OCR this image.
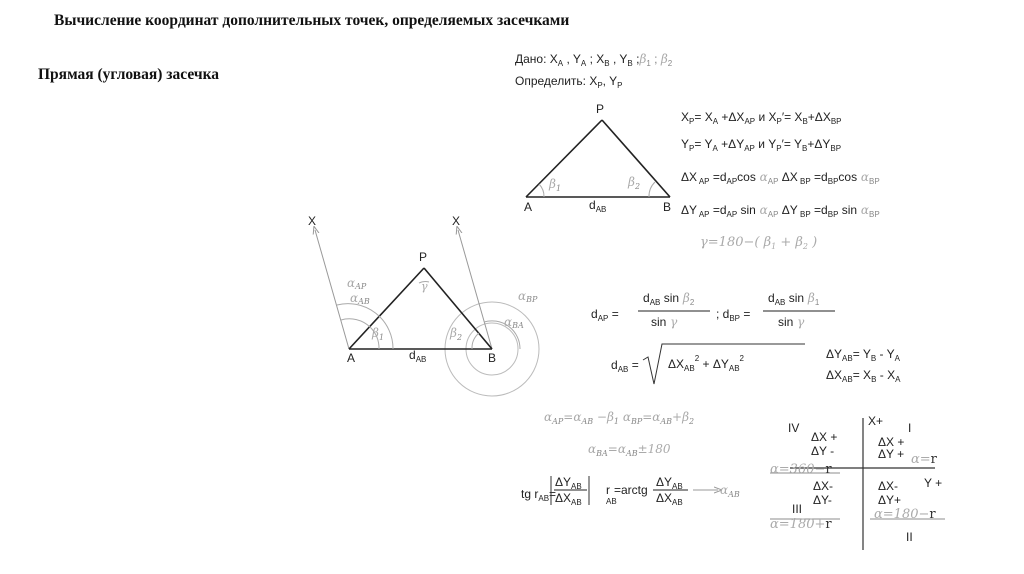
Вычисление координат дополнительных точек, определяемых засечками
Прямая (угловая) засечка
P
A	B
$d_{AB}$
$\beta_1$	$\beta_2$
Дано: $X_A$ , $Y_A$ ; $X_B$ , $Y_B$ $;\beta_1$ ; $\beta_2$
Определить: $X_P$, $Y_P$
$X_P= X_A +\Delta X_{AP}$ и $X_P'= X_B+\Delta X_{BP}$
$Y_P= Y_A +\Delta Y_{AP}$ и $Y_P'= Y_B+\Delta Y_{BP}$
ΔX $_{AP} =d_{AP}\cos$ $\alpha_{AP}$ ΔX $_{BP} =d_{BP}\cos$ $\alpha_{BP}$
ΔY $_{AP} =d_{AP}$ $\sin \alpha_{AP}$ ΔY $_{BP} =d_{BP}$ $\sin \alpha_{BP}$
γ=180−( $\beta_1 + \beta_2$ )
X	X
P
A	B
$d_{AB}$
γ
αAP
αAB
$\beta_1$	$\beta_2$
αBA
αBP
$d_{AP}$ =
$d_{AB}$ $\sin \beta_2$
sin γ
; $d_{BP}$ =
$d_{AB}$ $\sin \beta_1$
sin γ
$d_{AB} = \Delta X_{AB}^2 + \Delta Y_{AB}^2$	$\Delta Y_{AB}= Y_B - Y_A$
$\Delta X_{AB}= X_B - X_A$
$\alpha_{AP}=\alpha_{AB} -\beta_1$ $\alpha_{BP}=\alpha_{AB}+\beta_2$
$\alpha_{BA}=\alpha_{AB}\pm 180$
tg $r_{AB}=$
$\Delta Y_{AB}$
$\Delta X_{AB}$
r
AB
=arctg
$\Delta Y_{AB}$
$\Delta X_{AB}$
$\alpha_{AB}$
X+
IV	I
III
II
Y +
ΔX +
ΔY -
ΔX +
ΔY +
ΔX-
ΔY-
ΔX-
ΔY+
α=r
α=360−r
α=180+r
α=180−r
